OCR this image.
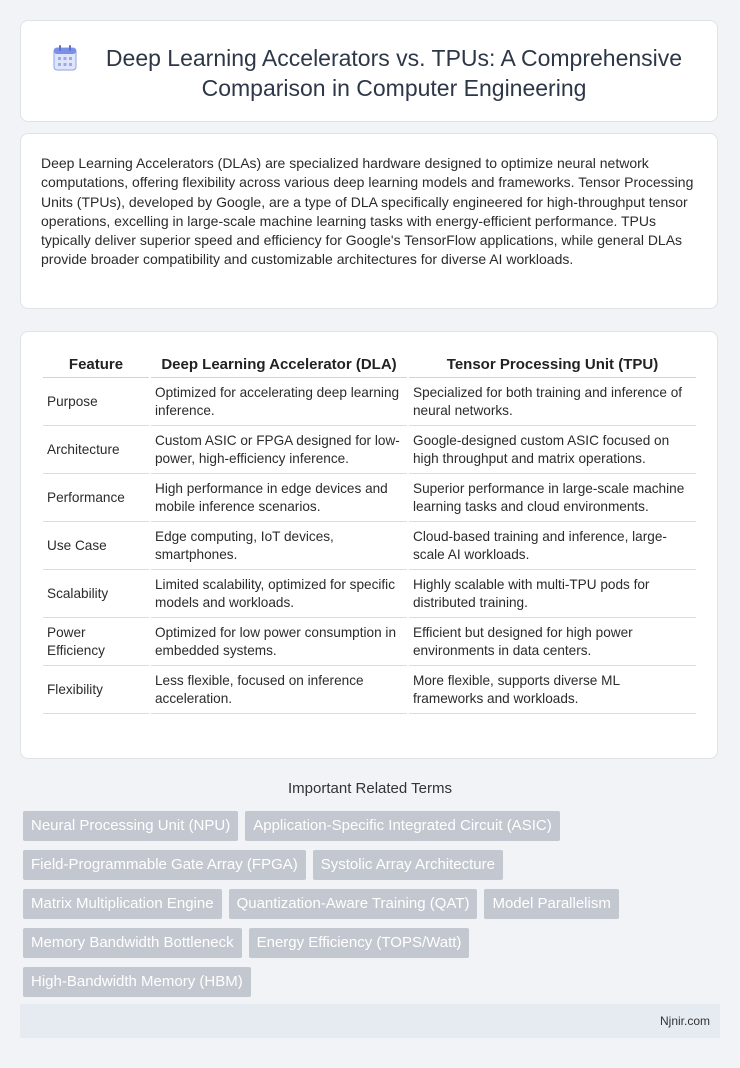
Deep Learning Accelerators vs. TPUs: A Comprehensive
Comparison in Computer Engineering
Deep Learning Accelerators (DLAs) are specialized hardware designed to optimize neural network computations, offering flexibility across various deep learning models and frameworks. Tensor Processing Units (TPUs), developed by Google, are a type of DLA specifically engineered for high-throughput tensor operations, excelling in large-scale machine learning tasks with energy-efficient performance. TPUs typically deliver superior speed and efficiency for Google's TensorFlow applications, while general DLAs provide broader compatibility and customizable architectures for diverse AI workloads.
Feature	Deep Learning Accelerator (DLA)	Tensor Processing Unit (TPU)
Purpose	Optimized for accelerating deep learning inference.	Specialized for both training and inference of neural networks.
Architecture	Custom ASIC or FPGA designed for low-power, high-efficiency inference.	Google-designed custom ASIC focused on high throughput and matrix operations.
Performance	High performance in edge devices and mobile inference scenarios.	Superior performance in large-scale machine learning tasks and cloud environments.
Use Case	Edge computing, IoT devices, smartphones.	Cloud-based training and inference, large-scale AI workloads.
Scalability	Limited scalability, optimized for specific models and workloads.	Highly scalable with multi-TPU pods for distributed training.
Power Efficiency	Optimized for low power consumption in embedded systems.	Efficient but designed for high power environments in data centers.
Flexibility	Less flexible, focused on inference acceleration.	More flexible, supports diverse ML frameworks and workloads.
Important Related Terms
Neural Processing Unit (NPU)	Application-Specific Integrated Circuit (ASIC)
Field-Programmable Gate Array (FPGA)	Systolic Array Architecture
Matrix Multiplication Engine	Quantization-Aware Training (QAT)	Model Parallelism
Memory Bandwidth Bottleneck	Energy Efficiency (TOPS/Watt)
High-Bandwidth Memory (HBM)
Njnir.com
